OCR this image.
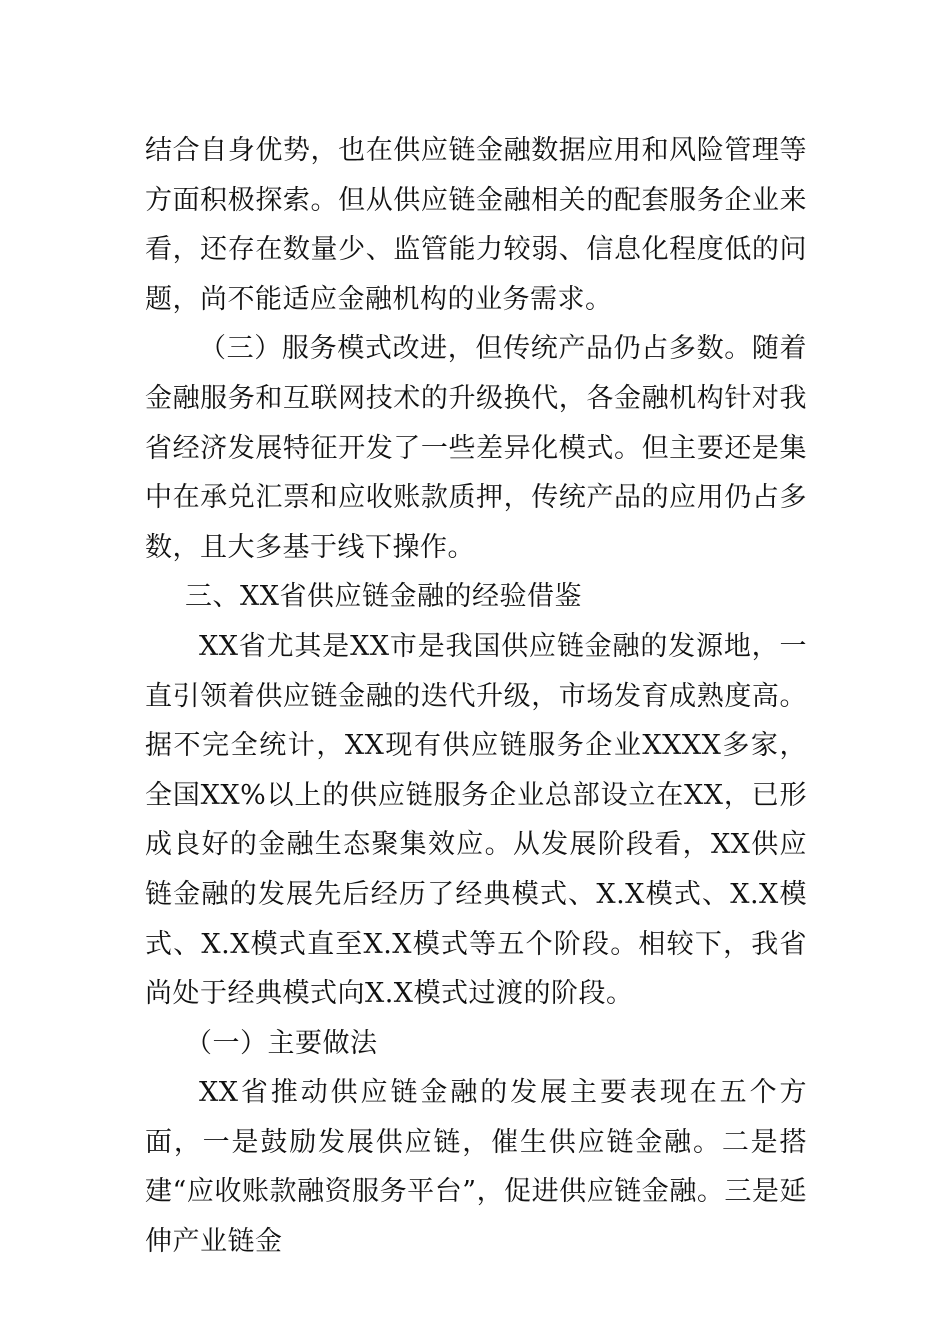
结合自身优势，也在供应链金融数据应用和风险管理等方面积极探索。但从供应链金融相关的配套服务企业来看，还存在数量少、监管能力较弱、信息化程度低的问题，尚不能适应金融机构的业务需求。

（三）服务模式改进，但传统产品仍占多数。随着金融服务和互联网技术的升级换代，各金融机构针对我省经济发展特征开发了一些差异化模式。但主要还是集中在承兑汇票和应收账款质押，传统产品的应用仍占多数，且大多基于线下操作。

三、XX省供应链金融的经验借鉴

XX省尤其是XX市是我国供应链金融的发源地，一直引领着供应链金融的迭代升级，市场发育成熟度高。据不完全统计，XX现有供应链服务企业XXXX多家，全国XX%以上的供应链服务企业总部设立在XX，已形成良好的金融生态聚集效应。从发展阶段看，XX供应链金融的发展先后经历了经典模式、X.X模式、X.X模式、X.X模式直至X.X模式等五个阶段。相较下，我省尚处于经典模式向X.X模式过渡的阶段。

（一）主要做法

XX省推动供应链金融的发展主要表现在五个方面，一是鼓励发展供应链，催生供应链金融。二是搭建“应收账款融资服务平台”，促进供应链金融。三是延伸产业链金
